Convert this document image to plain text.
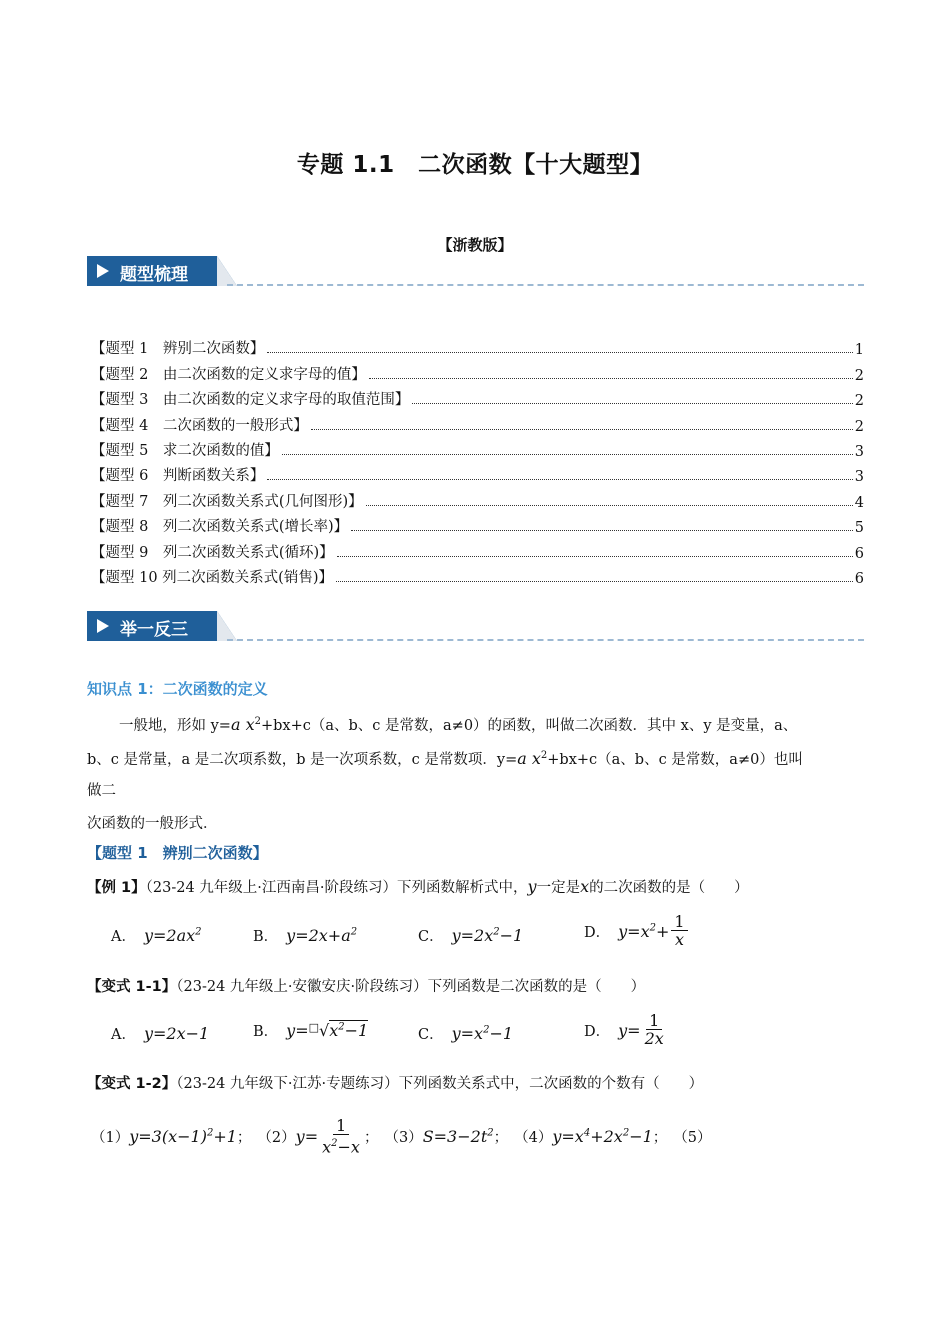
专题 1.1　二次函数【十大题型】
【浙教版】
题型梳理
【题型 1　辨别二次函数】	1
【题型 2　由二次函数的定义求字母的值】	2
【题型 3　由二次函数的定义求字母的取值范围】	2
【题型 4　二次函数的一般形式】	2
【题型 5　求二次函数的值】	3
【题型 6　判断函数关系】	3
【题型 7　列二次函数关系式(几何图形)】	4
【题型 8　列二次函数关系式(增长率)】	5
【题型 9　列二次函数关系式(循环)】	6
【题型 10 列二次函数关系式(销售)】	6
举一反三
知识点 1：二次函数的定义
一般地，形如 y=a $x^2+bx+c(a$、b、c 是常数，a≠0）的函数，叫做二次函数．其中 x、y 是变量，a、
b、c 是常量，a 是二次项系数，b 是一次项系数，c 是常数项．y=a $x^2+bx+c(a$、b、c 是常数，a≠0）也叫
做二
次函数的一般形式．
【题型 1　辨别二次函数】
【例 1】（23-24 九年级上·江西南昌·阶段练习）下列函数解析式中，y一定是x的二次函数的是（　　）
A． $y=2ax^2$	B． $y=2x+a^2$	C． $y=2x^2-1$	D． $y=x^2+ \frac{1}{x}$
【变式 1-1】（23-24 九年级上·安徽安庆·阶段练习）下列函数是二次函数的是（　　）
A． y=2x−1	B． $y=^□√x^2-1$	C． $y=x^2-1$	D． $y= \frac{1}{2x}$
【变式 1-2】（23-24 九年级下·江苏·专题练习）下列函数关系式中，二次函数的个数有（　　）
（1） $y=3(x-1)^2+1$ ； （2） $y= \frac{1}{x^2-x}$ ； （3） $S=3-2t^2$ ； （4） $y=x^4+2x^2-1$ ； （5）
